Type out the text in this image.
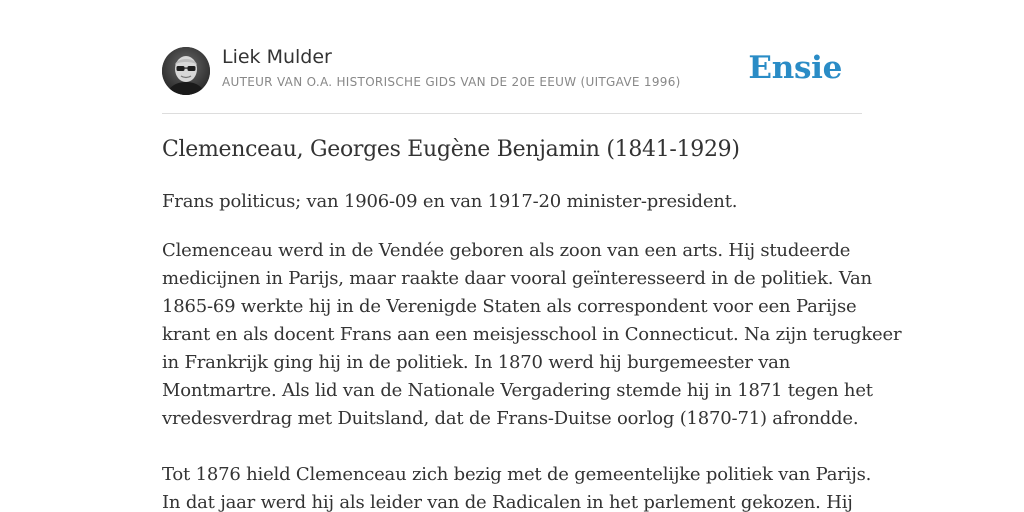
Liek Mulder
AUTEUR VAN O.A. HISTORISCHE GIDS VAN DE 20E EEUW (UITGAVE 1996) Ensie
Clemenceau, Georges Eugène Benjamin (1841-1929)

Frans politicus; van 1906-09 en van 1917-20 minister-president.

Clemenceau werd in de Vendée geboren als zoon van een arts. Hij studeerde
medicijnen in Parijs, maar raakte daar vooral geïnteresseerd in de politiek. Van
1865-69 werkte hij in de Verenigde Staten als correspondent voor een Parijse
krant en als docent Frans aan een meisjesschool in Connecticut. Na zijn terugkeer
in Frankrijk ging hij in de politiek. In 1870 werd hij burgemeester van
Montmartre. Als lid van de Nationale Vergadering stemde hij in 1871 tegen het
vredesverdrag met Duitsland, dat de Frans-Duitse oorlog (1870-71) afrondde.
Tot 1876 hield Clemenceau zich bezig met de gemeentelijke politiek van Parijs.
In dat jaar werd hij als leider van de Radicalen in het parlement gekozen. Hij
